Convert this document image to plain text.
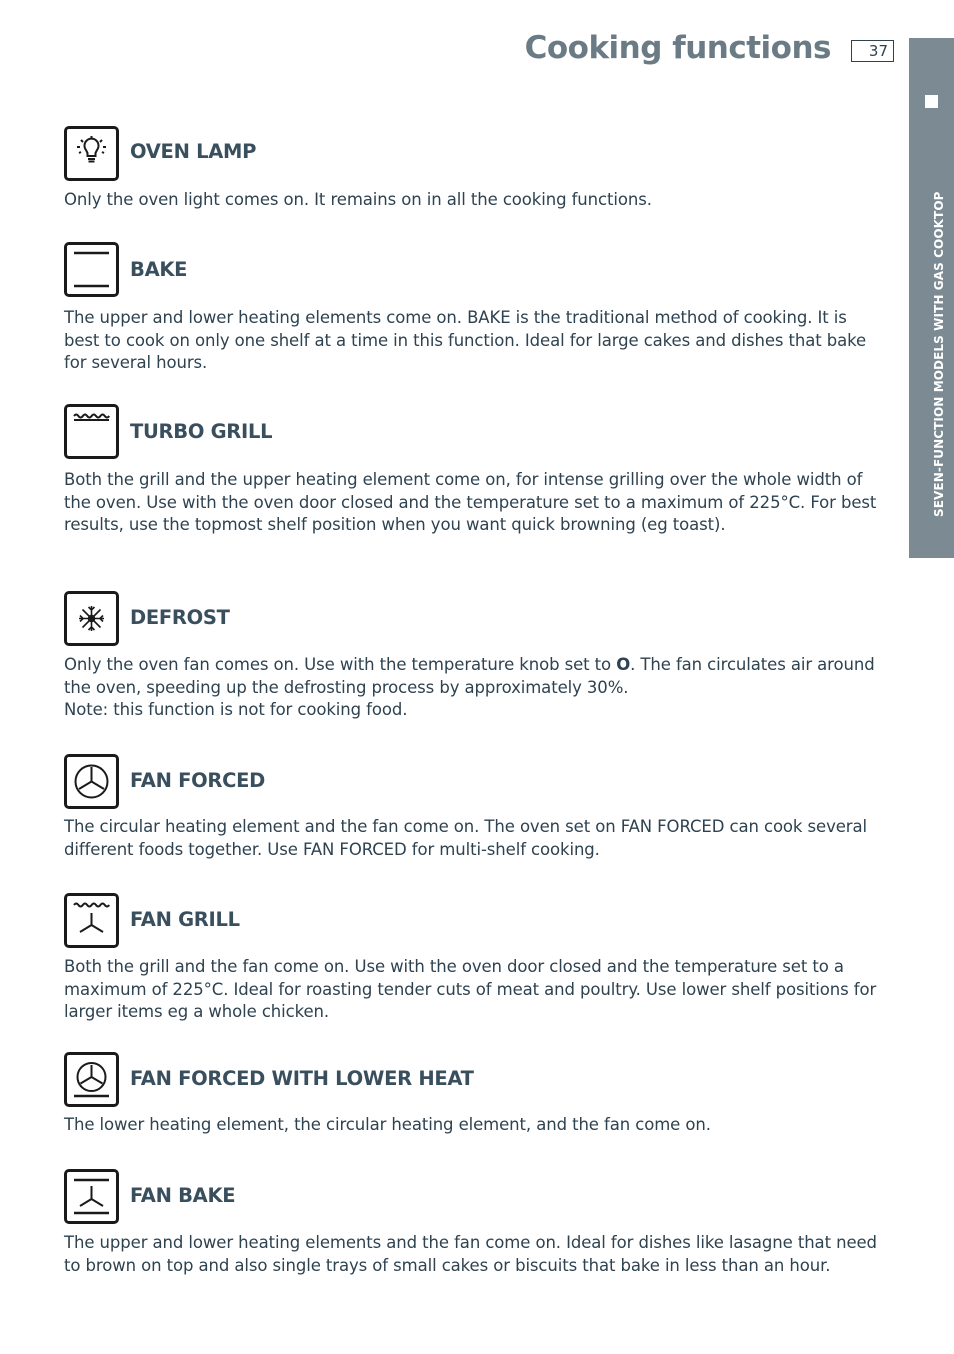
Cooking functions	37
SEVEN-FUNCTION MODELS WITH GAS COOKTOP
OVEN LAMP
Only the oven light comes on. It remains on in all the cooking functions.
BAKE
The upper and lower heating elements come on. BAKE is the traditional method of cooking. It is best to cook on only one shelf at a time in this function. Ideal for large cakes and dishes that bake for several hours.
TURBO GRILL
Both the grill and the upper heating element come on, for intense grilling over the whole width of the oven. Use with the oven door closed and the temperature set to a maximum of 225°C. For best results, use the topmost shelf position when you want quick browning (eg toast).
DEFROST
Only the oven fan comes on. Use with the temperature knob set to O. The fan circulates air around the oven, speeding up the defrosting process by approximately 30%.
Note: this function is not for cooking food.
FAN FORCED
The circular heating element and the fan come on. The oven set on FAN FORCED can cook several different foods together. Use FAN FORCED for multi-shelf cooking.
FAN GRILL
Both the grill and the fan come on. Use with the oven door closed and the temperature set to a maximum of 225°C. Ideal for roasting tender cuts of meat and poultry. Use lower shelf positions for larger items eg a whole chicken.
FAN FORCED WITH LOWER HEAT
The lower heating element, the circular heating element, and the fan come on.
FAN BAKE
The upper and lower heating elements and the fan come on. Ideal for dishes like lasagne that need to brown on top and also single trays of small cakes or biscuits that bake in less than an hour.
